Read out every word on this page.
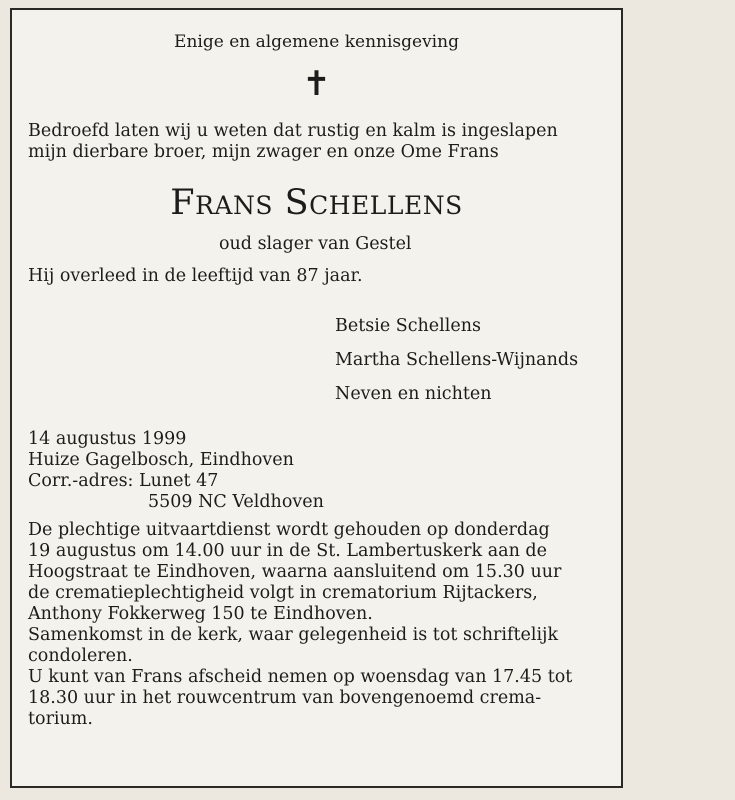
Enige en algemene kennisgeving
✝
Bedroefd laten wij u weten dat rustig en kalm is ingeslapen
mijn dierbare broer, mijn zwager en onze Ome Frans
Frans Schellens
oud slager van Gestel
Hij overleed in de leeftijd van 87 jaar.
Betsie Schellens
Martha Schellens-Wijnands
Neven en nichten
14 augustus 1999
Huize Gagelbosch, Eindhoven
Corr.-adres: Lunet 47
5509 NC Veldhoven
De plechtige uitvaartdienst wordt gehouden op donderdag
19 augustus om 14.00 uur in de St. Lambertuskerk aan de
Hoogstraat te Eindhoven, waarna aansluitend om 15.30 uur
de crematieplechtigheid volgt in crematorium Rijtackers,
Anthony Fokkerweg 150 te Eindhoven.
Samenkomst in de kerk, waar gelegenheid is tot schriftelijk
condoleren.
U kunt van Frans afscheid nemen op woensdag van 17.45 tot
18.30 uur in het rouwcentrum van bovengenoemd crema-
torium.
